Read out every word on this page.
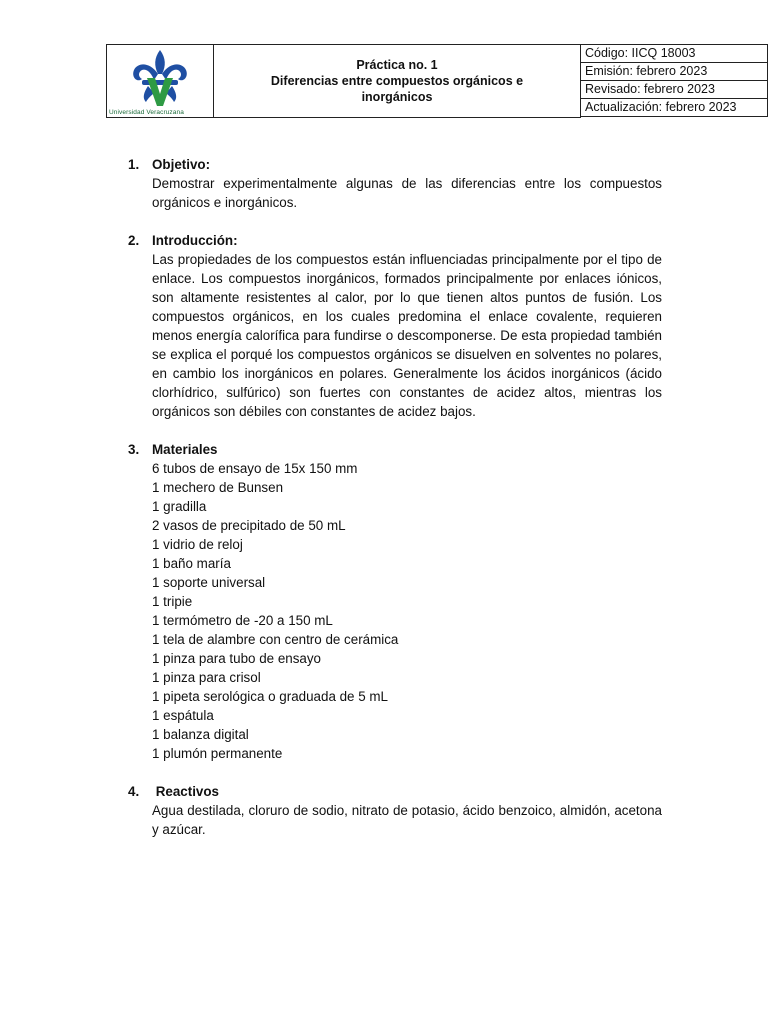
Universidad Veracruzana
Práctica no. 1
Diferencias entre compuestos orgánicos e
inorgánicos
Código: IICQ 18003
Emisión: febrero 2023
Revisado: febrero 2023
Actualización: febrero 2023
1. Objetivo:
Demostrar experimentalmente algunas de las diferencias entre los compuestos orgánicos e inorgánicos.
2. Introducción:
Las propiedades de los compuestos están influenciadas principalmente por el tipo de enlace. Los compuestos inorgánicos, formados principalmente por enlaces iónicos, son altamente resistentes al calor, por lo que tienen altos puntos de fusión. Los compuestos orgánicos, en los cuales predomina el enlace covalente, requieren menos energía calorífica para fundirse o descomponerse. De esta propiedad también se explica el porqué los compuestos orgánicos se disuelven en solventes no polares, en cambio los inorgánicos en polares. Generalmente los ácidos inorgánicos (ácido clorhídrico, sulfúrico) son fuertes con constantes de acidez altos, mientras los orgánicos son débiles con constantes de acidez bajos.
3. Materiales
6 tubos de ensayo de 15x 150 mm
1 mechero de Bunsen
1 gradilla
2 vasos de precipitado de 50 mL
1 vidrio de reloj
1 baño maría
1 soporte universal
1 tripie
1 termómetro de -20 a 150 mL
1 tela de alambre con centro de cerámica
1 pinza para tubo de ensayo
1 pinza para crisol
1 pipeta serológica o graduada de 5 mL
1 espátula
1 balanza digital
1 plumón permanente
4. Reactivos
Agua destilada, cloruro de sodio, nitrato de potasio, ácido benzoico, almidón, acetona y azúcar.
